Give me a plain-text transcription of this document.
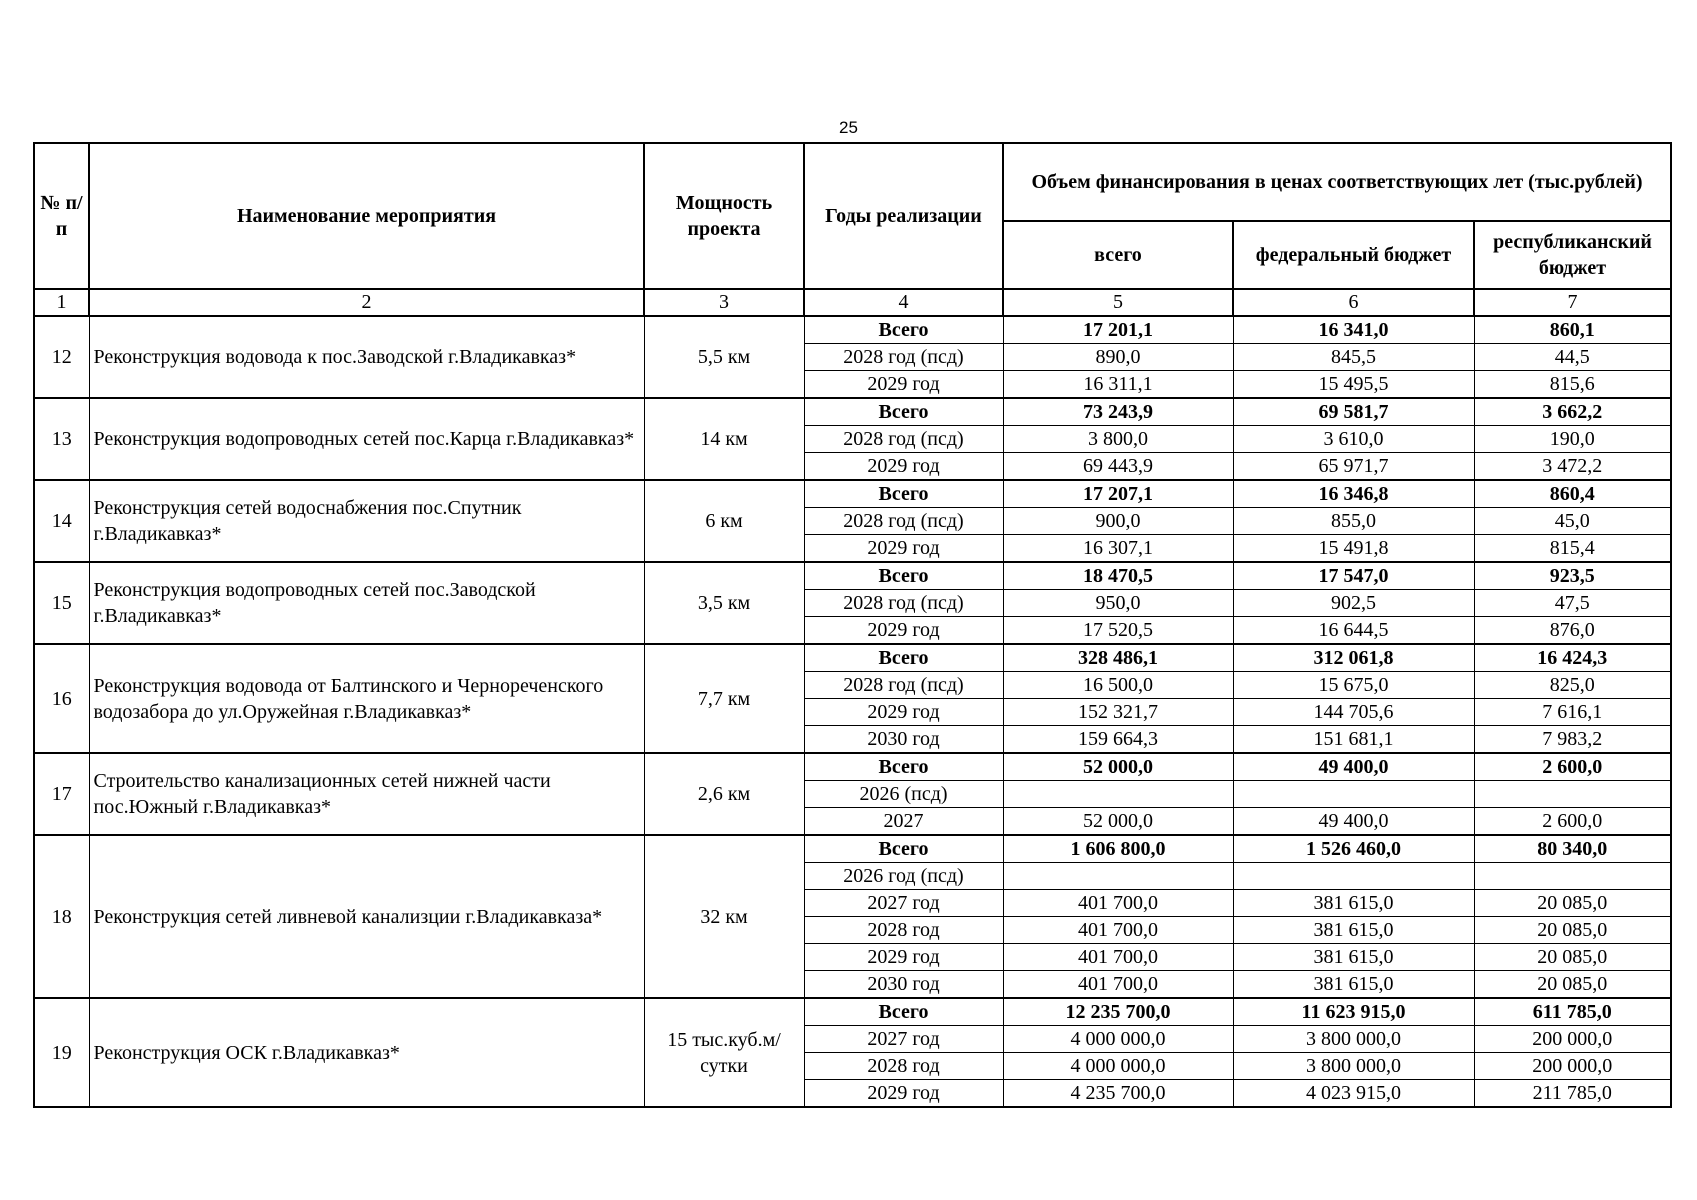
25
№ п/п	Наименование мероприятия	Мощность проекта	Годы реализации	Объем финансирования в ценах соответствующих лет (тыс.рублей)		
				всего	федеральный бюджет	республиканский бюджет
1	2	3	4	5	6	7
12	Реконструкция водовода к пос.Заводской г.Владикавказ*	5,5 км	Всего	17 201,1	16 341,0	860,1
			2028 год (псд)	890,0	845,5	44,5
			2029 год	16 311,1	15 495,5	815,6
13	Реконструкция водопроводных сетей пос.Карца г.Владикавказ*	14 км	Всего	73 243,9	69 581,7	3 662,2
			2028 год (псд)	3 800,0	3 610,0	190,0
			2029 год	69 443,9	65 971,7	3 472,2
14	Реконструкция сетей водоснабжения пос.Спутник г.Владикавказ*	6 км	Всего	17 207,1	16 346,8	860,4
			2028 год (псд)	900,0	855,0	45,0
			2029 год	16 307,1	15 491,8	815,4
15	Реконструкция водопроводных сетей пос.Заводской г.Владикавказ*	3,5 км	Всего	18 470,5	17 547,0	923,5
			2028 год (псд)	950,0	902,5	47,5
			2029 год	17 520,5	16 644,5	876,0
16	Реконструкция водовода от Балтинского и Чернореченского водозабора до ул.Оружейная г.Владикавказ*	7,7 км	Всего	328 486,1	312 061,8	16 424,3
			2028 год (псд)	16 500,0	15 675,0	825,0
			2029 год	152 321,7	144 705,6	7 616,1
			2030 год	159 664,3	151 681,1	7 983,2
17	Строительство канализационных сетей нижней части пос.Южный г.Владикавказ*	2,6 км	Всего	52 000,0	49 400,0	2 600,0
			2026 (псд)			
			2027	52 000,0	49 400,0	2 600,0
18	Реконструкция сетей ливневой канализции г.Владикавказа*	32 км	Всего	1 606 800,0	1 526 460,0	80 340,0
			2026 год (псд)			
			2027 год	401 700,0	381 615,0	20 085,0
			2028 год	401 700,0	381 615,0	20 085,0
			2029 год	401 700,0	381 615,0	20 085,0
			2030 год	401 700,0	381 615,0	20 085,0
19	Реконструкция ОСК г.Владикавказ*	15 тыс.куб.м/сутки	Всего	12 235 700,0	11 623 915,0	611 785,0
			2027 год	4 000 000,0	3 800 000,0	200 000,0
			2028 год	4 000 000,0	3 800 000,0	200 000,0
			2029 год	4 235 700,0	4 023 915,0	211 785,0
